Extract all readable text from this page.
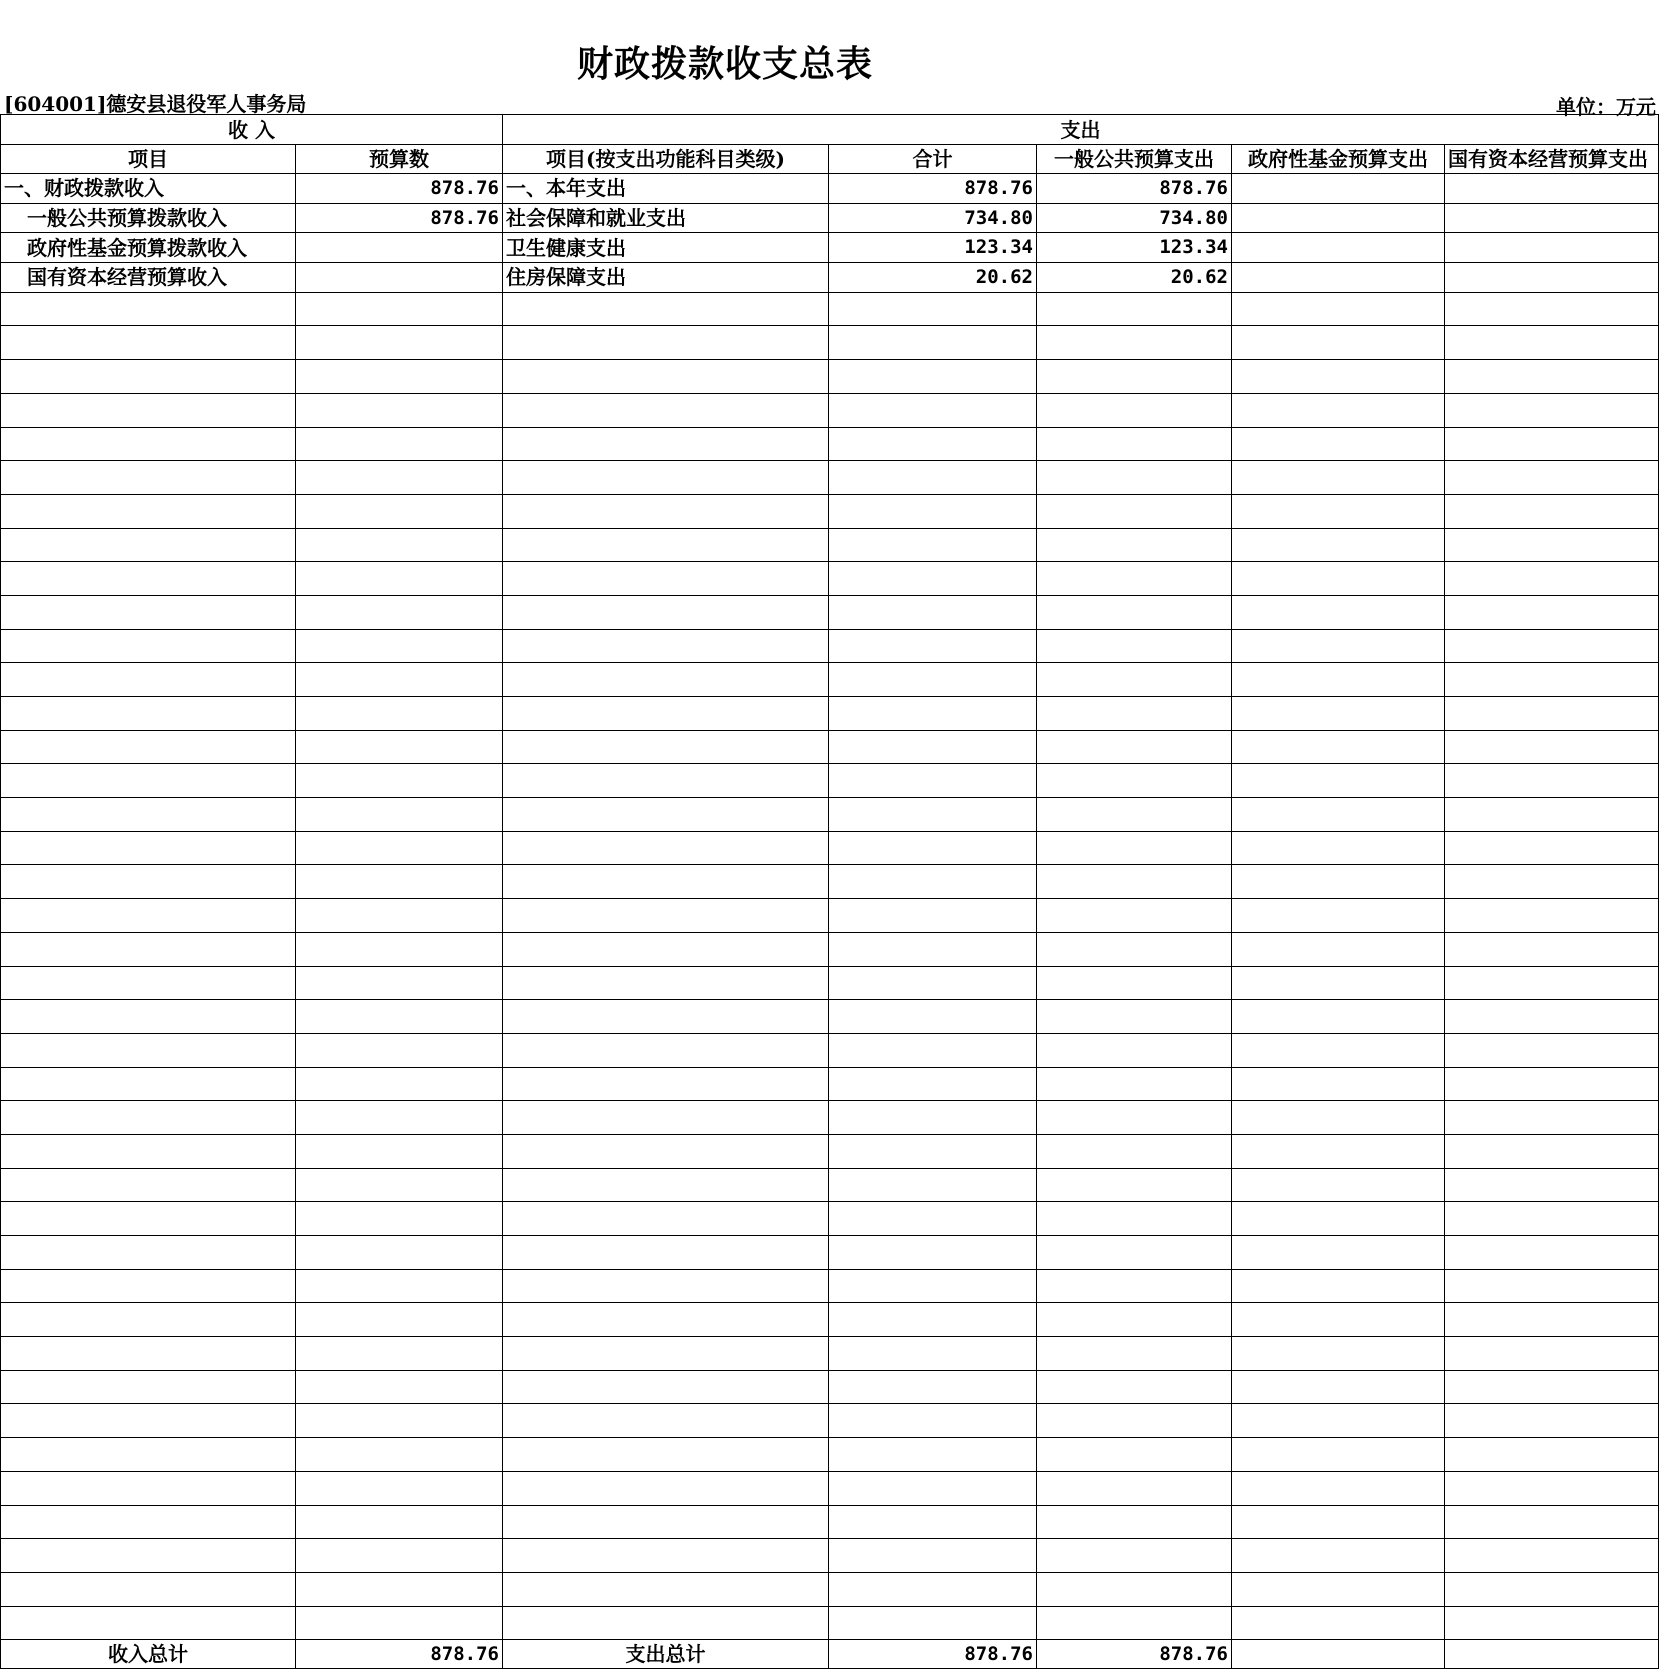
财政拨款收支总表
[604001]德安县退役军人事务局	单位：万元
收 入		支出				
项目	预算数	项目(按支出功能科目类级)	合计	一般公共预算支出	政府性基金预算支出	国有资本经营预算支出
一、财政拨款收入	878.76	一、本年支出	878.76	878.76		
一般公共预算拨款收入	878.76	社会保障和就业支出	734.80	734.80		
政府性基金预算拨款收入		卫生健康支出	123.34	123.34		
国有资本经营预算收入		住房保障支出	20.62	20.62		

收入总计	878.76	支出总计	878.76	878.76		
